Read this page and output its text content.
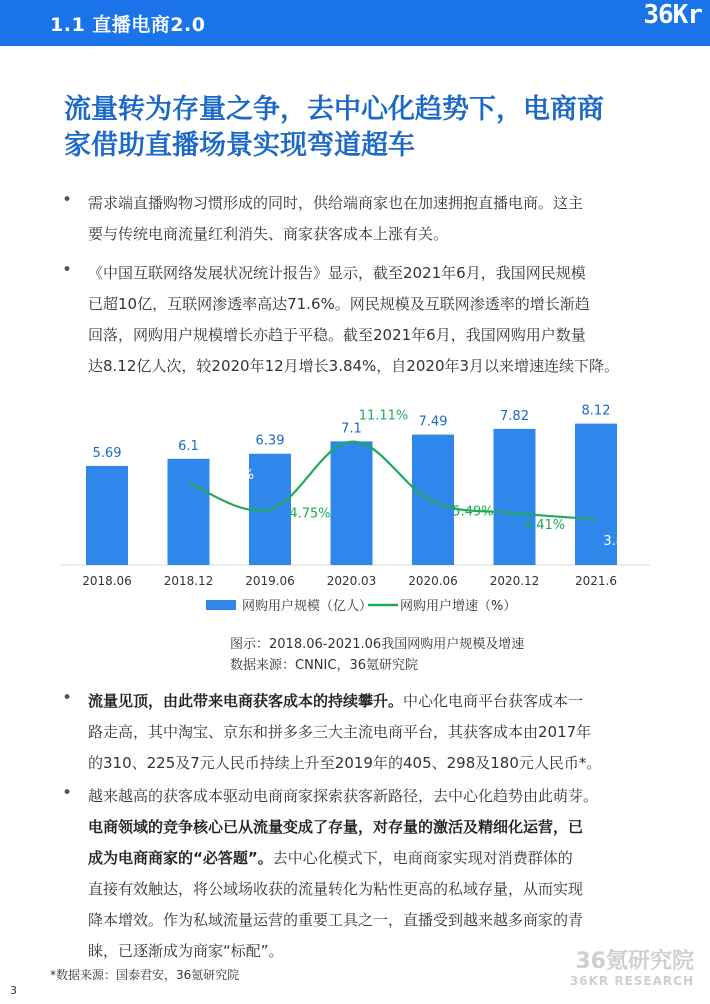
1.1 直播电商2.0	36Kr
流量转为存量之争，去中心化趋势下，电商商
家借助直播场景实现弯道超车
• 需求端直播购物习惯形成的同时，供给端商家也在加速拥抱直播电商。这主
要与传统电商流量红利消失、商家获客成本上涨有关。
• 《中国互联网络发展状况统计报告》显示，截至2021年6月，我国网民规模
已超10亿，互联网渗透率高达71.6%。网民规模及互联网渗透率的增长渐趋
回落，网购用户规模增长亦趋于平稳。截至2021年6月，我国网购用户数量
达8.12亿人次，较2020年12月增长3.84%，自2020年3月以来增速连续下降。
5.69
2018.06
6.1
2018.12
6.39
2019.06
7.1
2020.03
7.49
2020.06
7.82
2020.12
8.12
2021.6
7.21%
4.75%
11.11%
5.49%
4.41%
3.84%
网购用户规模（亿人） 网购用户增速（%）
图示：2018.06-2021.06我国网购用户规模及增速
数据来源：CNNIC，36氪研究院
• 流量见顶，由此带来电商获客成本的持续攀升。中心化电商平台获客成本一
路走高，其中淘宝、京东和拼多多三大主流电商平台，其获客成本由2017年
的310、225及7元人民币持续上升至2019年的405、298及180元人民币*。
• 越来越高的获客成本驱动电商商家探索获客新路径，去中心化趋势由此萌芽。
电商领域的竞争核心已从流量变成了存量，对存量的激活及精细化运营，已
成为电商商家的“必答题”。去中心化模式下，电商商家实现对消费群体的
直接有效触达，将公域场收获的流量转化为粘性更高的私域存量，从而实现
降本增效。作为私域流量运营的重要工具之一，直播受到越来越多商家的青
睐，已逐渐成为商家“标配”。	36氪研究院
36KR RESEARCH
*数据来源：国泰君安，36氪研究院
3
